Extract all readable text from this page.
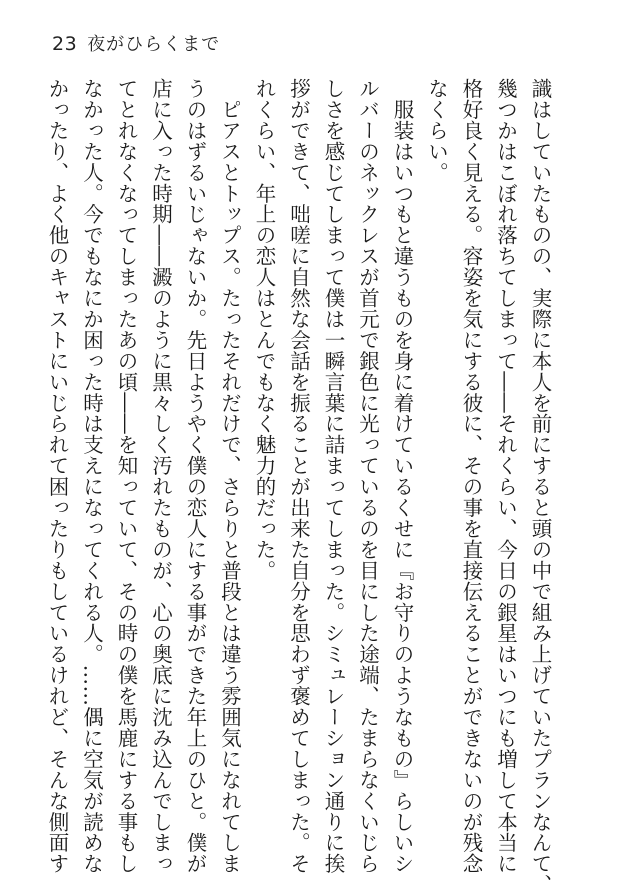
23 夜がひらくまで

識はしていたものの、実際に本人を前にすると頭の中で組み上げていたプランなんて、

幾つかはこぼれ落ちてしまって――それくらい、今日の銀星はいつにも増して本当に

格好良く見える。容姿を気にする彼に、その事を直接伝えることができないのが残念

なくらい。

　服装はいつもと違うものを身に着けているくせに『お守りのようなもの』らしいシ

ルバーのネックレスが首元で銀色に光っているのを目にした途端、たまらなくいじら

しさを感じてしまって僕は一瞬言葉に詰まってしまった。シミュレーション通りに挨

拶ができて、咄嗟に自然な会話を振ることが出来た自分を思わず褒めてしまった。そ

れくらい、年上の恋人はとんでもなく魅力的だった。

　ピアスとトップス。たったそれだけで、さらりと普段とは違う雰囲気になれてしま

うのはずるいじゃないか。先日ようやく僕の恋人にする事ができた年上のひと。僕が

店に入った時期――澱のように黒々しく汚れたものが、心の奥底に沈み込んでしまっ

てとれなくなってしまったあの頃――を知っていて、その時の僕を馬鹿にする事もし

なかった人。今でもなにか困った時は支えになってくれる人。……偶に空気が読めな

かったり、よく他のキャストにいじられて困ったりもしているけれど、そんな側面す
